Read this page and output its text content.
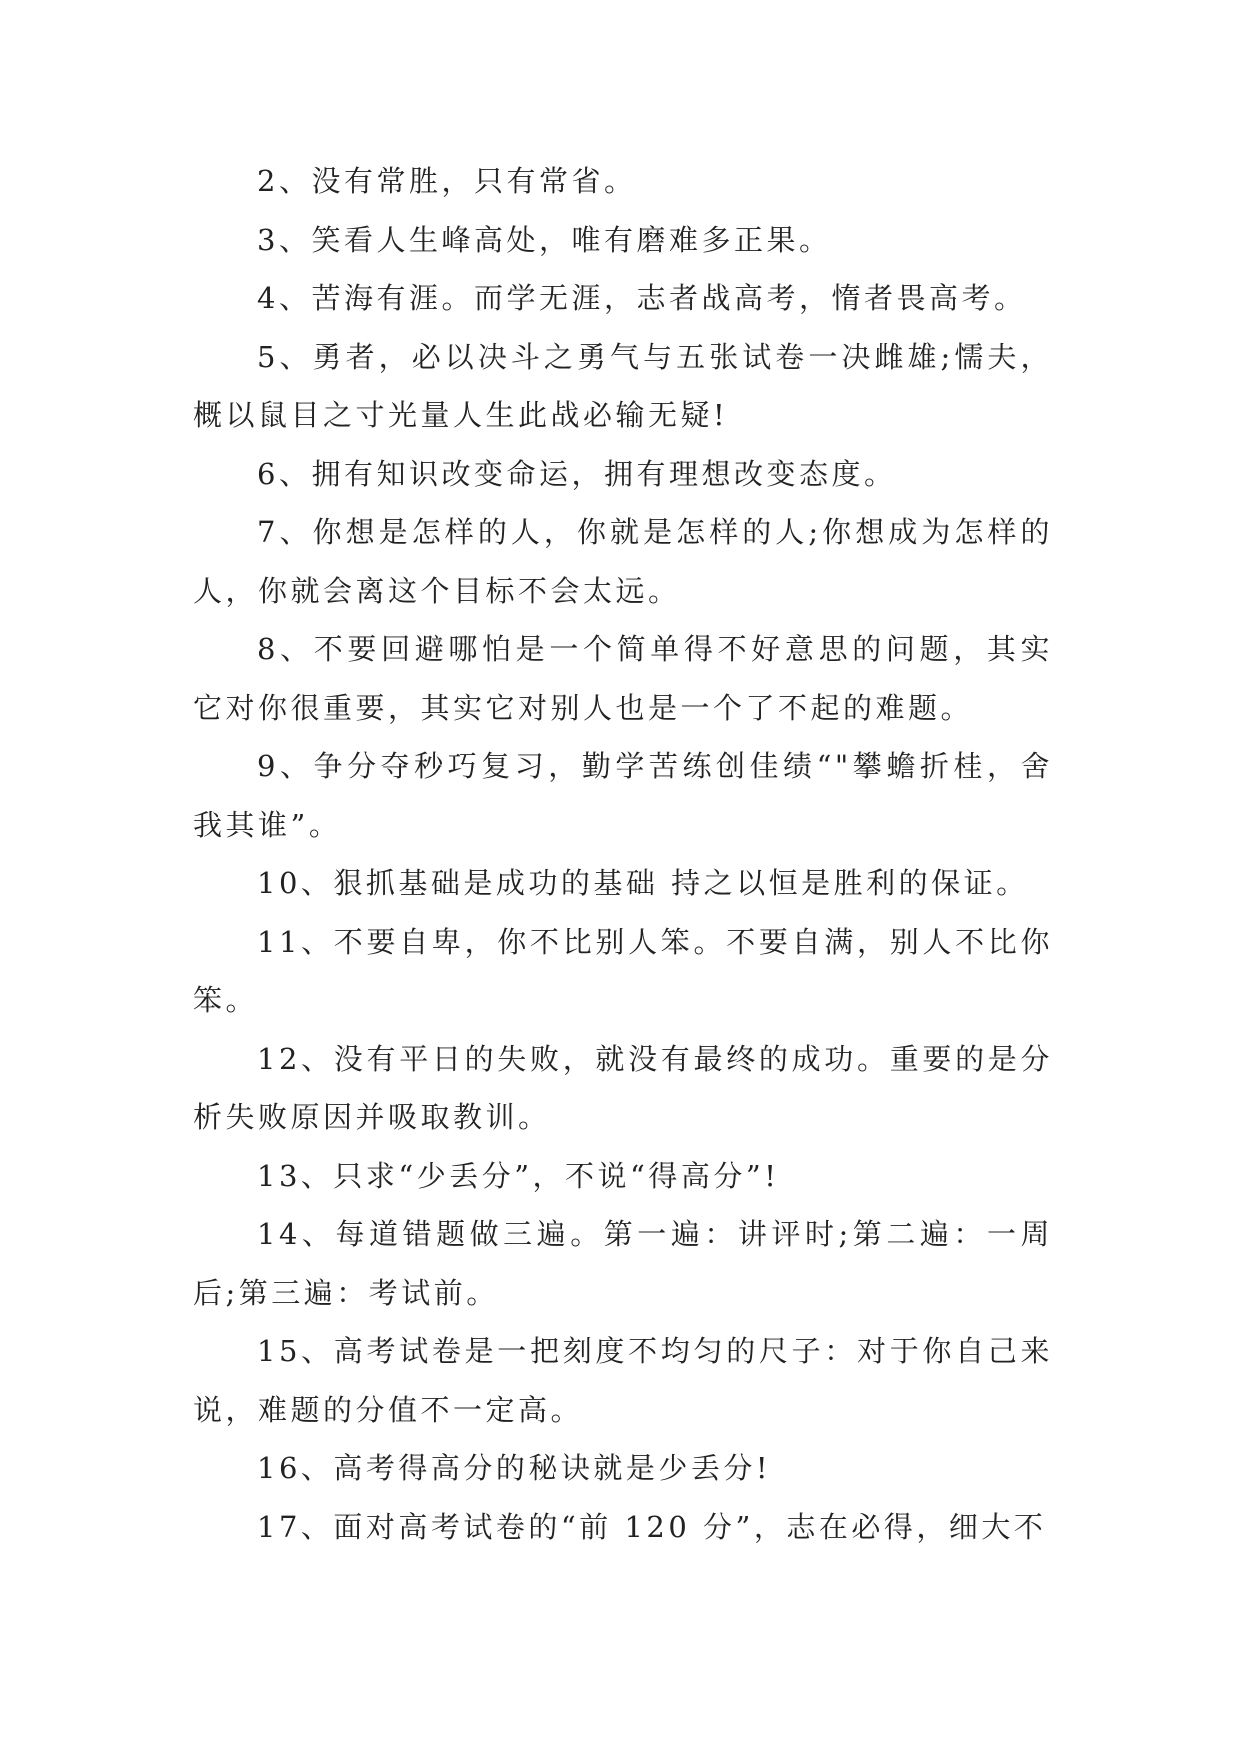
2、没有常胜，只有常省。

3、笑看人生峰高处，唯有磨难多正果。

4、苦海有涯。而学无涯，志者战高考，惰者畏高考。

5、勇者，必以决斗之勇气与五张试卷一决雌雄;懦夫，概以鼠目之寸光量人生此战必输无疑!

6、拥有知识改变命运，拥有理想改变态度。

7、你想是怎样的人，你就是怎样的人;你想成为怎样的人，你就会离这个目标不会太远。

8、不要回避哪怕是一个简单得不好意思的问题，其实它对你很重要，其实它对别人也是一个了不起的难题。

9、争分夺秒巧复习，勤学苦练创佳绩“"攀蟾折桂，舍我其谁”。

10、狠抓基础是成功的基础 持之以恒是胜利的保证。

11、不要自卑，你不比别人笨。不要自满，别人不比你笨。

12、没有平日的失败，就没有最终的成功。重要的是分析失败原因并吸取教训。

13、只求“少丢分”，不说“得高分”!

14、每道错题做三遍。第一遍：讲评时;第二遍：一周后;第三遍：考试前。

15、高考试卷是一把刻度不均匀的尺子：对于你自己来说，难题的分值不一定高。

16、高考得高分的秘诀就是少丢分!

17、面对高考试卷的“前 120 分”，志在必得，细大不
